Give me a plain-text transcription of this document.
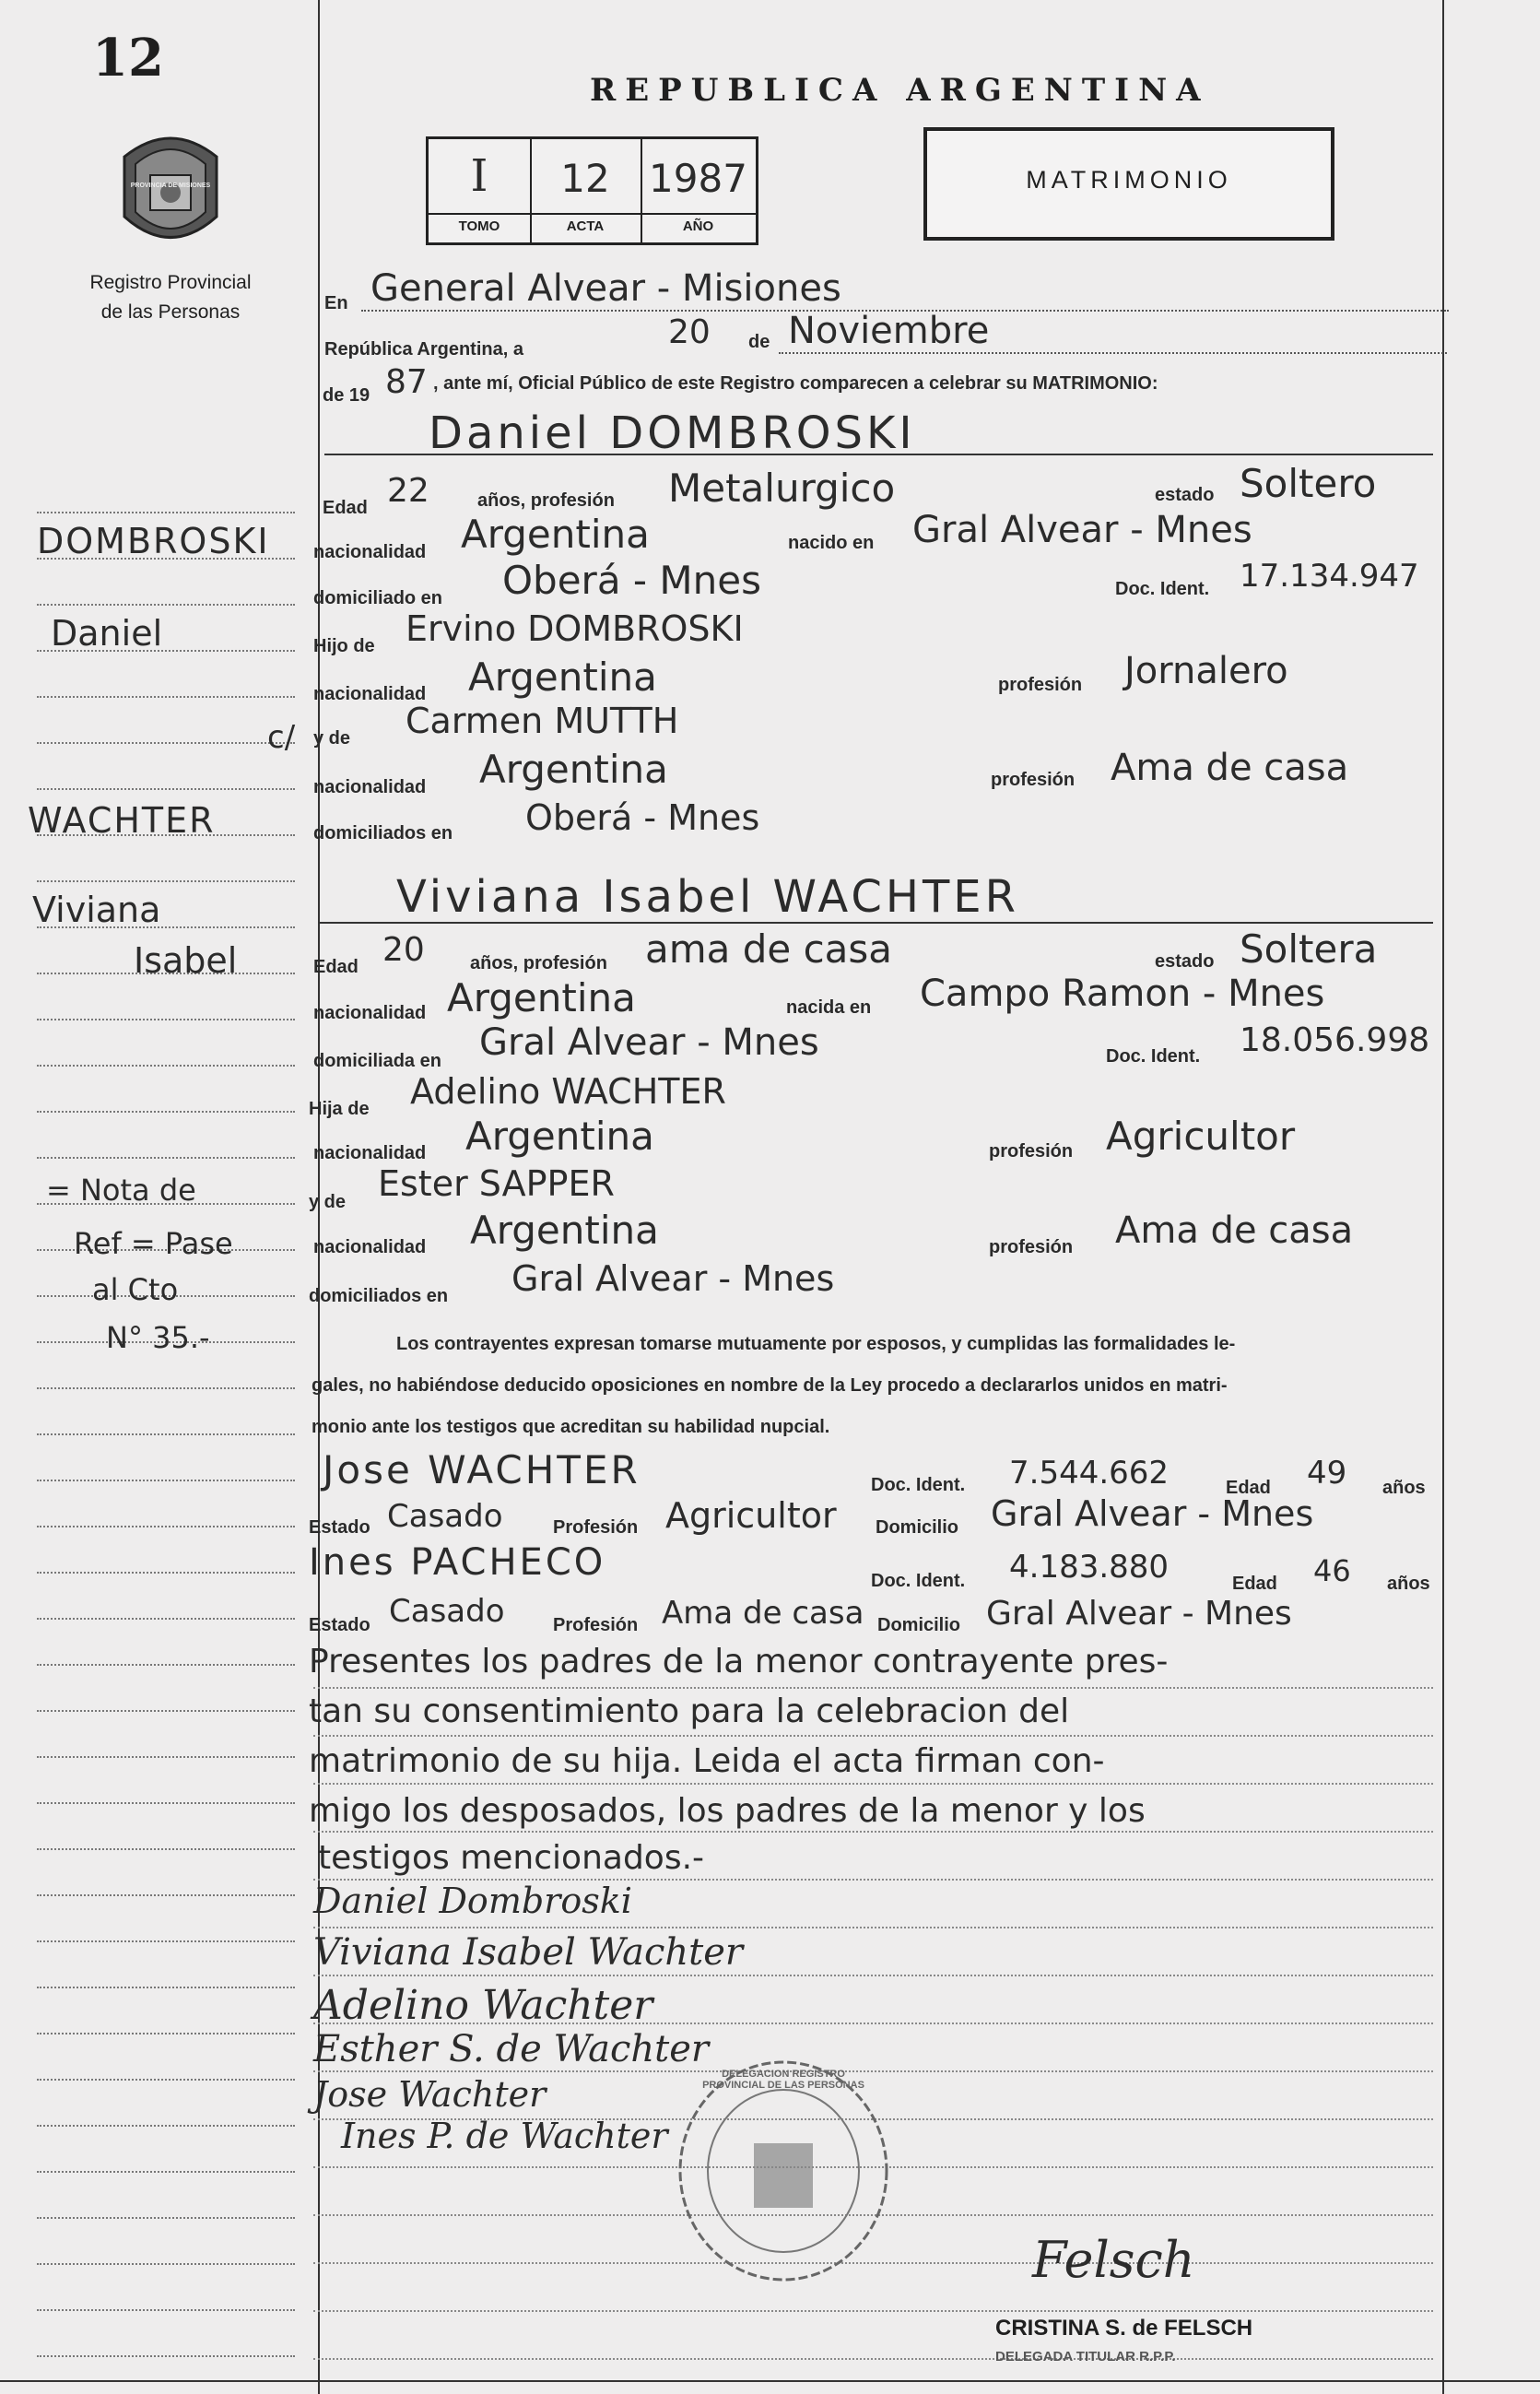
12
PROVINCIA DE MISIONES
Registro Provincial
de las Personas
REPUBLICA ARGENTINA
I	12	1987
TOMO	ACTA	AÑO
MATRIMONIO
En General Alvear - Misiones
República Argentina, a	20 de Noviembre
de 19 87 , ante mí, Oficial Público de este Registro comparecen a celebrar su MATRIMONIO:
Daniel DOMBROSKI
Edad 22	años, profesión Metalurgico	estado Soltero
nacionalidad Argentina	nacido en Gral Alvear - Mnes
domiciliado en Oberá - Mnes	Doc. Ident. 17.134.947
Hijo de Ervino DOMBROSKI
nacionalidad Argentina	profesión Jornalero
y de Carmen MUTTH
nacionalidad Argentina	profesión Ama de casa
domiciliados en Oberá - Mnes
Viviana Isabel WACHTER
Edad 20 años, profesión ama de casa	estado Soltera
nacionalidad Argentina	nacida en Campo Ramon - Mnes
domiciliada en Gral Alvear - Mnes	Doc. Ident. 18.056.998
Hija de Adelino WACHTER
nacionalidad Argentina	profesión Agricultor
y de Ester SAPPER
nacionalidad Argentina	profesión Ama de casa
domiciliados en Gral Alvear - Mnes
Los contrayentes expresan tomarse mutuamente por esposos, y cumplidas las formalidades le-
gales, no habiéndose deducido oposiciones en nombre de la Ley procedo a declararlos unidos en matri-
monio ante los testigos que acreditan su habilidad nupcial.
Jose WACHTER	Doc. Ident. 7.544.662	Edad 49 años
Estado Casado	Profesión Agricultor Domicilio Gral Alvear - Mnes
Ines PACHECO	Doc. Ident. 4.183.880	Edad 46 años
Estado Casado	Profesión Ama de casa Domicilio Gral Alvear - Mnes
Presentes los padres de la menor contrayente pres-
tan su consentimiento para la celebracion del
matrimonio de su hija. Leida el acta firman con-
migo los desposados, los padres de la menor y los
testigos mencionados.-
Daniel Dombroski
Viviana Isabel Wachter
Adelino Wachter
Esther S. de Wachter
Jose Wachter
Ines P. de Wachter
DELEGACION REGISTRO PROVINCIAL DE LAS PERSONAS
Felsch
CRISTINA S. de FELSCH
DELEGADA TITULAR R.P.P.
DOMBROSKI
Daniel
c/
WACHTER
Viviana
Isabel
= Nota de
Ref = Pase
al Cto
N° 35.-
